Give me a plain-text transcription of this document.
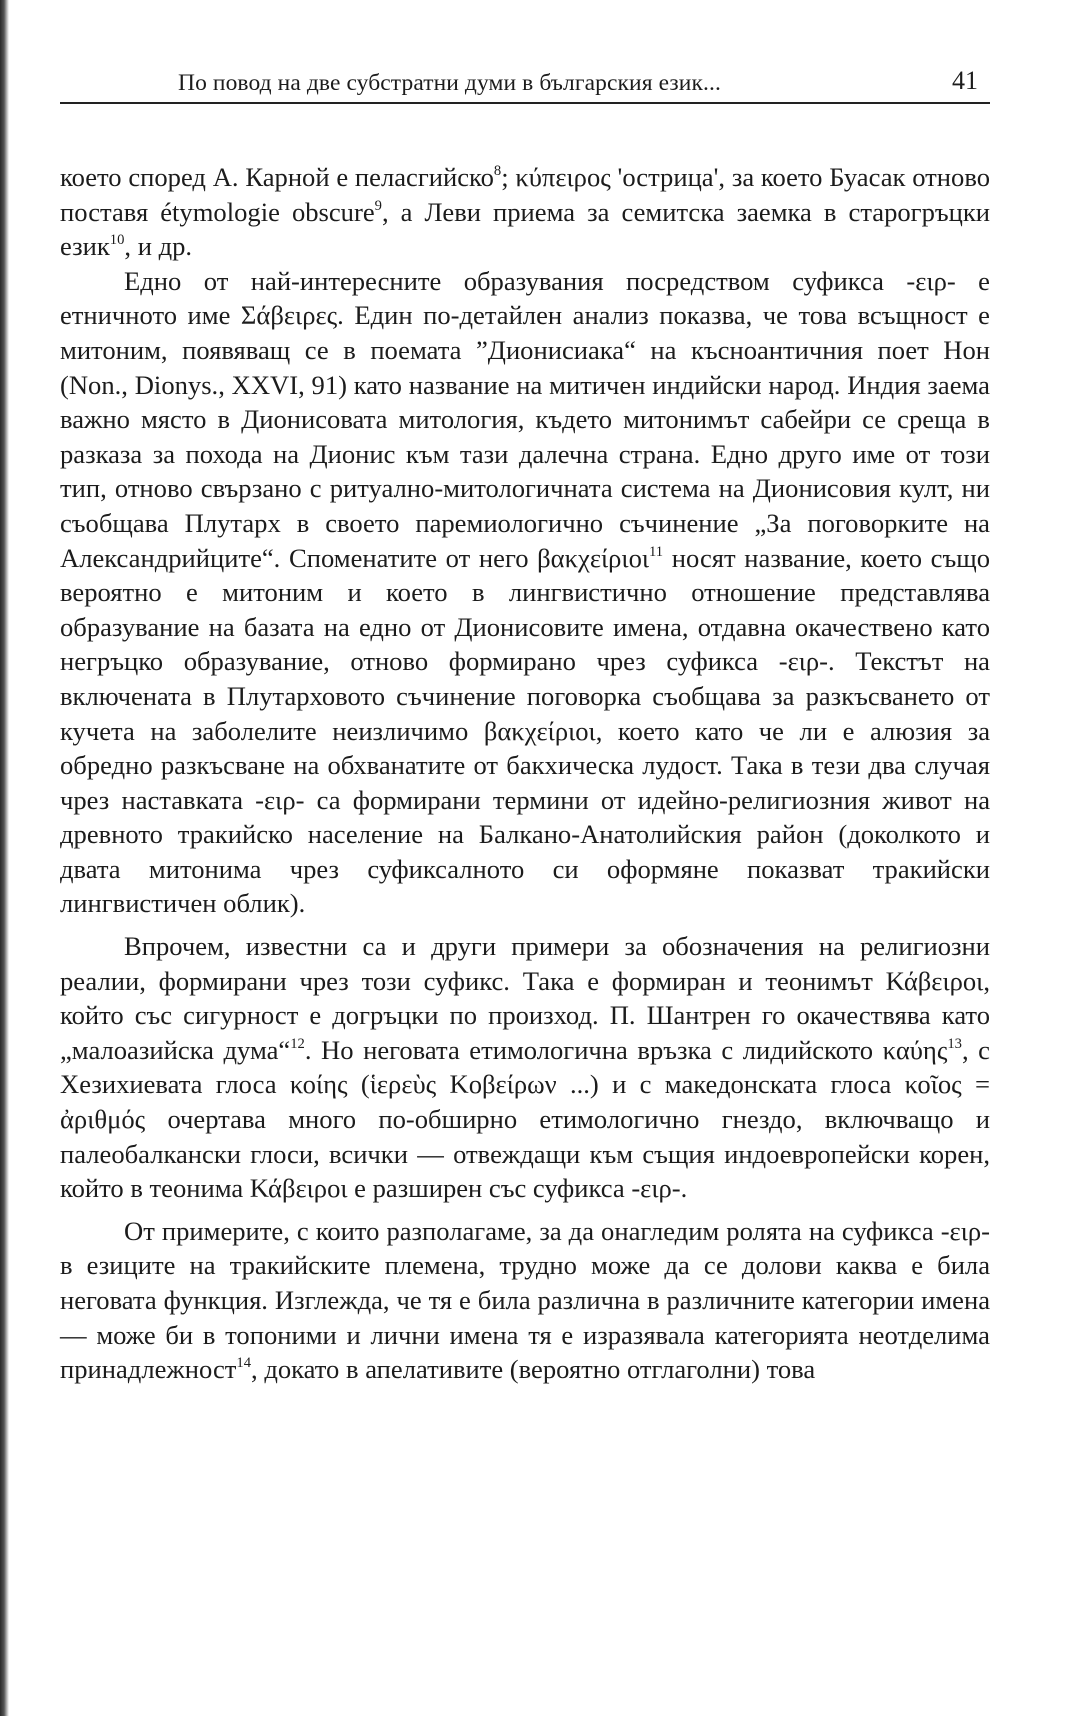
По повод на две субстратни думи в българския език...	41

което според А. Карной е пеласгийско$^8$; κύπειρος 'острица', за което Буасак отново поставя étymologie obscure$^9$, а Леви приема за семитска заемка в старогръцки език$^{10}$, и др.

Едно от най-интересните образувания посредством суфикса -ειρ- е етничното име Σάβειρες. Един по-детайлен анализ показва, че това всъщност е митоним, появяващ се в поемата ”Дионисиака“ на късноантичния поет Нон (Non., Dionys., XXVI, 91) като название на митичен индийски народ. Индия заема важно място в Дионисовата митология, където митонимът сабейри се среща в разказа за похода на Дионис към тази далечна страна. Едно друго име от този тип, отново свързано с ритуално-митологичната система на Дионисовия култ, ни съобщава Плутарх в своето паремиологично съчинение „За поговорките на Александрийците“. Споменатите от него βακχείριοι$^{11}$ носят название, което също вероятно е митоним и което в лингвистично отношение представлява образувание на базата на едно от Дионисовите имена, отдавна окачествено като негръцко образувание, отново формирано чрез суфикса -ειρ-. Текстът на включената в Плутарховото съчинение поговорка съобщава за разкъсването от кучета на заболелите неизличимо βακχείριοι, което като че ли е алюзия за обредно разкъсване на обхванатите от бакхическа лудост. Така в тези два случая чрез наставката -ειρ- са формирани термини от идейно-религиозния живот на древното тракийско население на Балкано-Анатолийския район (доколкото и двата митонима чрез суфиксалното си оформяне показват тракийски лингвистичен облик).

Впрочем, известни са и други примери за обозначения на религиозни реалии, формирани чрез този суфикс. Така е формиран и теонимът Κάβειροι, който със сигурност е догръцки по произход. П. Шантрен го окачествява като „малоазийска дума“$^{12}$. Но неговата етимологична връзка с лидийското καύης$^{13}$, с Хезихиевата глоса κοίης (ἱερεὺς Κοβείρων ...) и с македонската глоса κοῖος = ἀριθμός очертава много по-обширно етимологично гнездо, включващо и палеобалкански глоси, всички — отвеждащи към същия индоевропейски корен, който в теонима Κάβειροι е разширен със суфикса -ειρ-.

От примерите, с които разполагаме, за да онагледим ролята на суфикса -ειρ- в езиците на тракийските племена, трудно може да се долови каква е била неговата функция. Изглежда, че тя е била различна в различните категории имена — може би в топоними и лични имена тя е изразявала категорията неотделима принадлежност$^{14}$, докато в апелативите (вероятно отглаголни) това
